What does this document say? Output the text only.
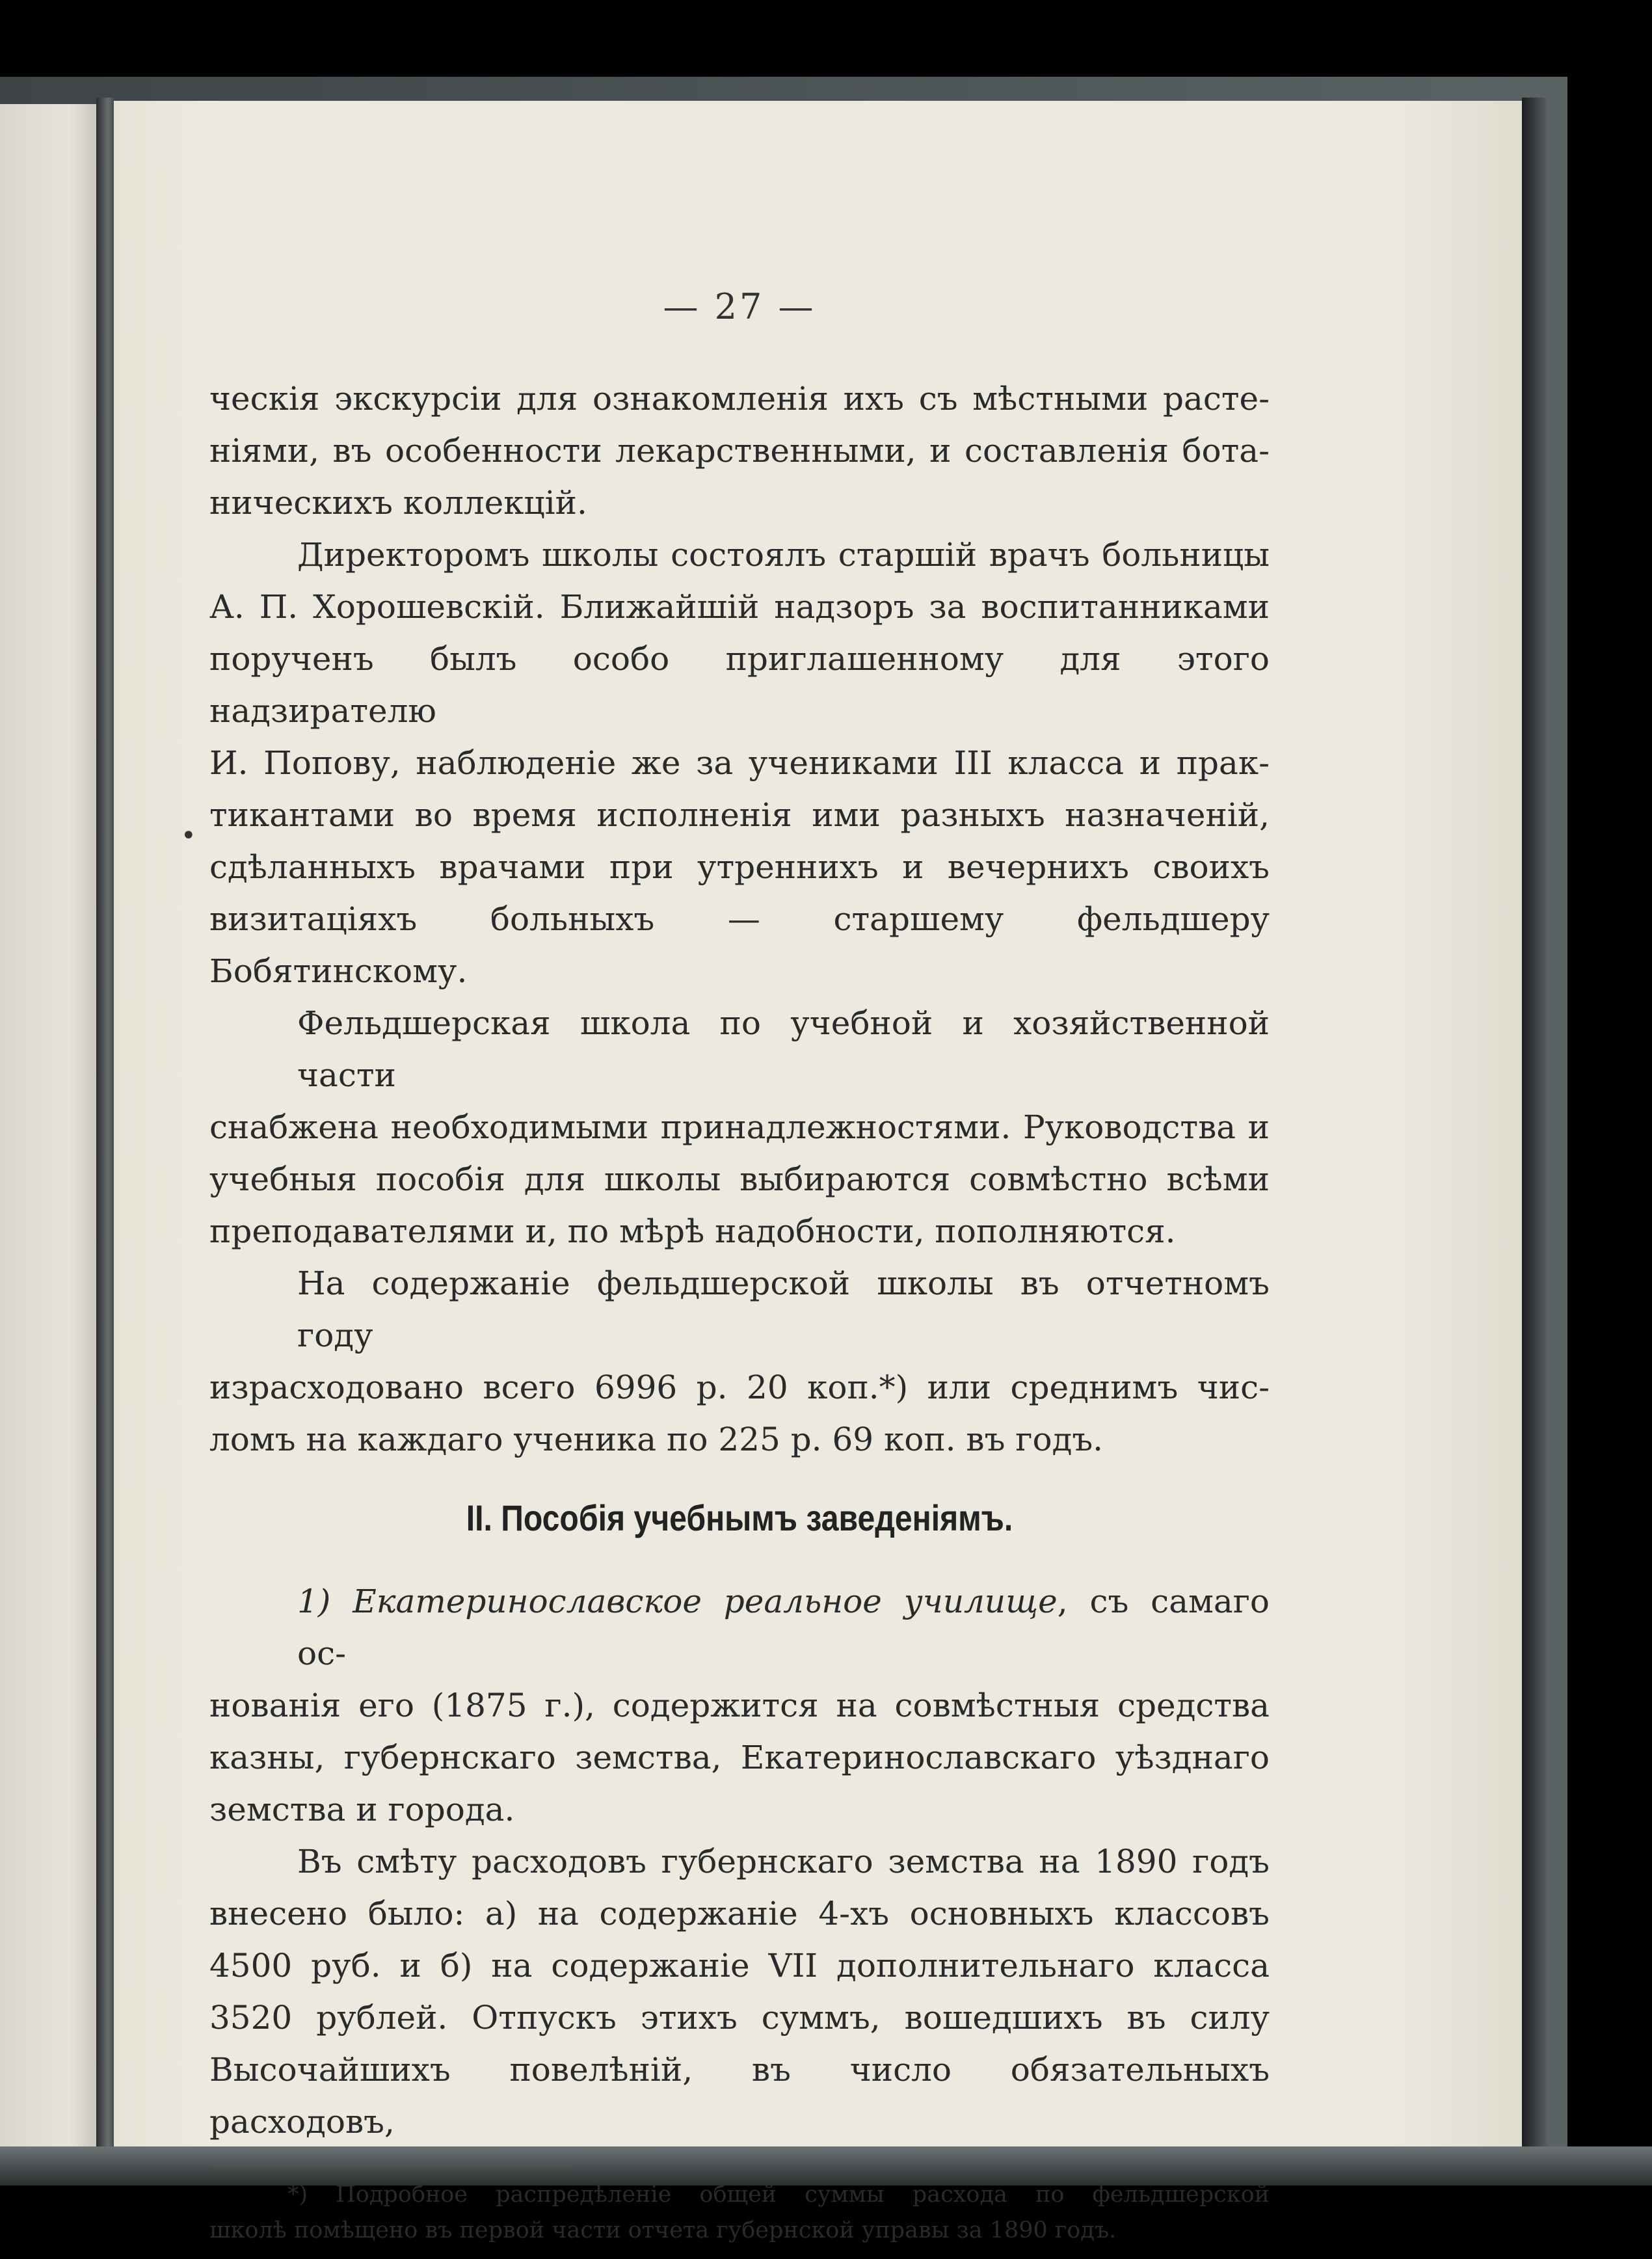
•
— 27 —

ческія экскурсіи для ознакомленія ихъ съ мѣстными расте-
ніями, въ особенности лекарственными, и составленія бота-
ническихъ коллекцій.

Директоромъ школы состоялъ старшій врачъ больницы
А. П. Хорошевскій. Ближайшій надзоръ за воспитанниками
порученъ былъ особо приглашенному для этого надзирателю
И. Попову, наблюденіе же за учениками III класса и прак-
тикантами во время исполненія ими разныхъ назначеній,
сдѣланныхъ врачами при утреннихъ и вечернихъ своихъ
визитаціяхъ больныхъ — старшему фельдшеру Бобятинскому.

Фельдшерская школа по учебной и хозяйственной части
снабжена необходимыми принадлежностями. Руководства и
учебныя пособія для школы выбираются совмѣстно всѣми
преподавателями и, по мѣрѣ надобности, пополняются.

На содержаніе фельдшерской школы въ отчетномъ году
израсходовано всего 6996 р. 20 коп.*) или среднимъ чис-
ломъ на каждаго ученика по 225 р. 69 коп. въ годъ.

II. Пособія учебнымъ заведеніямъ.

1) Екатеринославское реальное училище, съ самаго ос-
нованія его (1875 г.), содержится на совмѣстныя средства
казны, губернскаго земства, Екатеринославскаго уѣзднаго
земства и города.

Въ смѣту расходовъ губернскаго земства на 1890 годъ
внесено было: а) на содержаніе 4-хъ основныхъ классовъ
4500 руб. и б) на содержаніе VII дополнительнаго класса
3520 рублей. Отпускъ этихъ суммъ, вошедшихъ въ силу
Высочайшихъ повелѣній, въ число обязательныхъ расходовъ,

*) Подробное распредѣленіе общей суммы расхода по фельдшерской
школѣ помѣщено въ первой части отчета губернской управы за 1890 годъ.
